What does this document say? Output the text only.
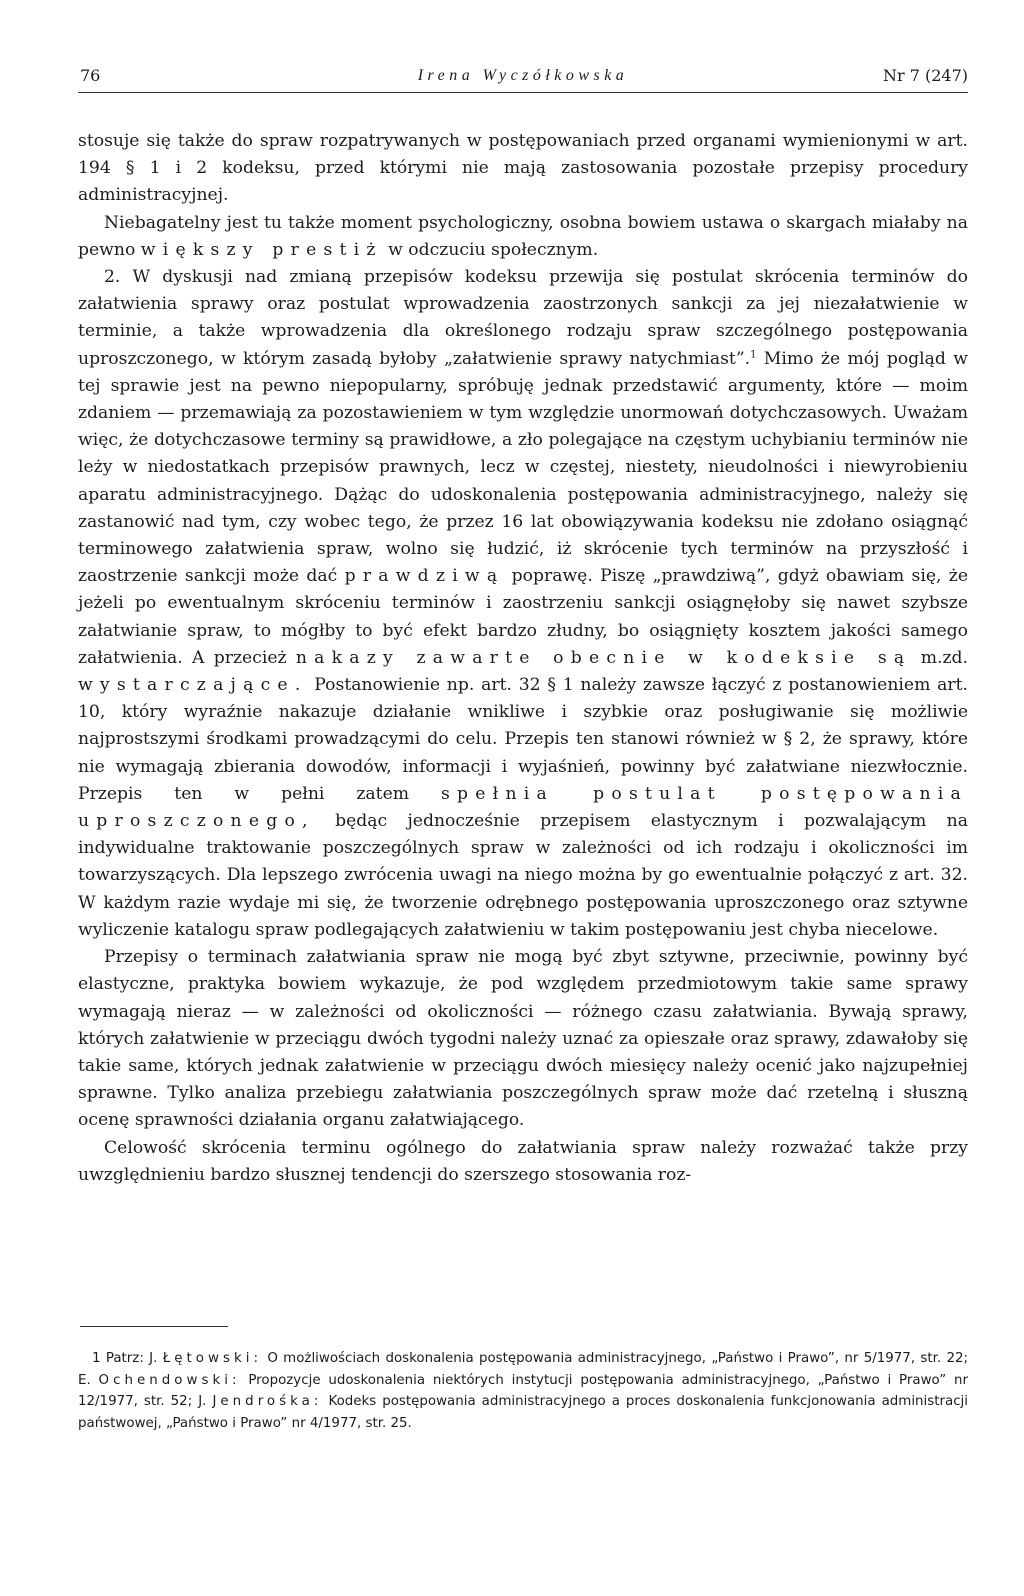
76	Irena Wyczółkowska	Nr 7 (247)

stosuje się także do spraw rozpatrywanych w postępowaniach przed organami wymienionymi w art. 194 § 1 i 2 kodeksu, przed którymi nie mają zastosowania pozostałe przepisy procedury administracyjnej.

Niebagatelny jest tu także moment psychologiczny, osobna bowiem ustawa o skargach miałaby na pewno większy prestiż w odczuciu społecznym.

2. W dyskusji nad zmianą przepisów kodeksu przewija się postulat skrócenia terminów do załatwienia sprawy oraz postulat wprowadzenia zaostrzonych sankcji za jej niezałatwienie w terminie, a także wprowadzenia dla określonego rodzaju spraw szczególnego postępowania uproszczonego, w którym zasadą byłoby „załatwienie sprawy natychmiast”.$^1$ Mimo że mój pogląd w tej sprawie jest na pewno niepopularny, spróbuję jednak przedstawić argumenty, które — moim zdaniem — przemawiają za pozostawieniem w tym względzie unormowań dotychczasowych. Uważam więc, że dotychczasowe terminy są prawidłowe, a zło polegające na częstym uchybianiu terminów nie leży w niedostatkach przepisów prawnych, lecz w częstej, niestety, nieudolności i niewyrobieniu aparatu administracyjnego. Dążąc do udoskonalenia postępowania administracyjnego, należy się zastanowić nad tym, czy wobec tego, że przez 16 lat obowiązywania kodeksu nie zdołano osiągnąć terminowego załatwienia spraw, wolno się łudzić, iż skrócenie tych terminów na przyszłość i zaostrzenie sankcji może dać prawdziwą poprawę. Piszę „prawdziwą”, gdyż obawiam się, że jeżeli po ewentualnym skróceniu terminów i zaostrzeniu sankcji osiągnęłoby się nawet szybsze załatwianie spraw, to mógłby to być efekt bardzo złudny, bo osiągnięty kosztem jakości samego załatwienia. A przecież nakazy zawarte obecnie w kodeksie są m.zd. wystarczające. Postanowienie np. art. 32 § 1 należy zawsze łączyć z postanowieniem art. 10, który wyraźnie nakazuje działanie wnikliwe i szybkie oraz posługiwanie się możliwie najprostszymi środkami prowadzącymi do celu. Przepis ten stanowi również w § 2, że sprawy, które nie wymagają zbierania dowodów, informacji i wyjaśnień, powinny być załatwiane niezwłocznie. Przepis ten w pełni zatem spełnia postulat postępowania uproszczonego, będąc jednocześnie przepisem elastycznym i pozwalającym na indywidualne traktowanie poszczególnych spraw w zależności od ich rodzaju i okoliczności im towarzyszących. Dla lepszego zwrócenia uwagi na niego można by go ewentualnie połączyć z art. 32. W każdym razie wydaje mi się, że tworzenie odrębnego postępowania uproszczonego oraz sztywne wyliczenie katalogu spraw podlegających załatwieniu w takim postępowaniu jest chyba niecelowe.

Przepisy o terminach załatwiania spraw nie mogą być zbyt sztywne, przeciwnie, powinny być elastyczne, praktyka bowiem wykazuje, że pod względem przedmiotowym takie same sprawy wymagają nieraz — w zależności od okoliczności — różnego czasu załatwiania. Bywają sprawy, których załatwienie w przeciągu dwóch tygodni należy uznać za opieszałe oraz sprawy, zdawałoby się takie same, których jednak załatwienie w przeciągu dwóch miesięcy należy ocenić jako najzupełniej sprawne. Tylko analiza przebiegu załatwiania poszczególnych spraw może dać rzetelną i słuszną ocenę sprawności działania organu załatwiającego.

Celowość skrócenia terminu ogólnego do załatwiania spraw należy rozważać także przy uwzględnieniu bardzo słusznej tendencji do szerszego stosowania roz-

1 Patrz: J. Łętowski: O możliwościach doskonalenia postępowania administracyjnego, „Państwo i Prawo”, nr 5/1977, str. 22; E. Ochendowski: Propozycje udoskonalenia niektórych instytucji postępowania administracyjnego, „Państwo i Prawo” nr 12/1977, str. 52; J. Jendrośka: Kodeks postępowania administracyjnego a proces doskonalenia funkcjonowania administracji państwowej, „Państwo i Prawo” nr 4/1977, str. 25.
